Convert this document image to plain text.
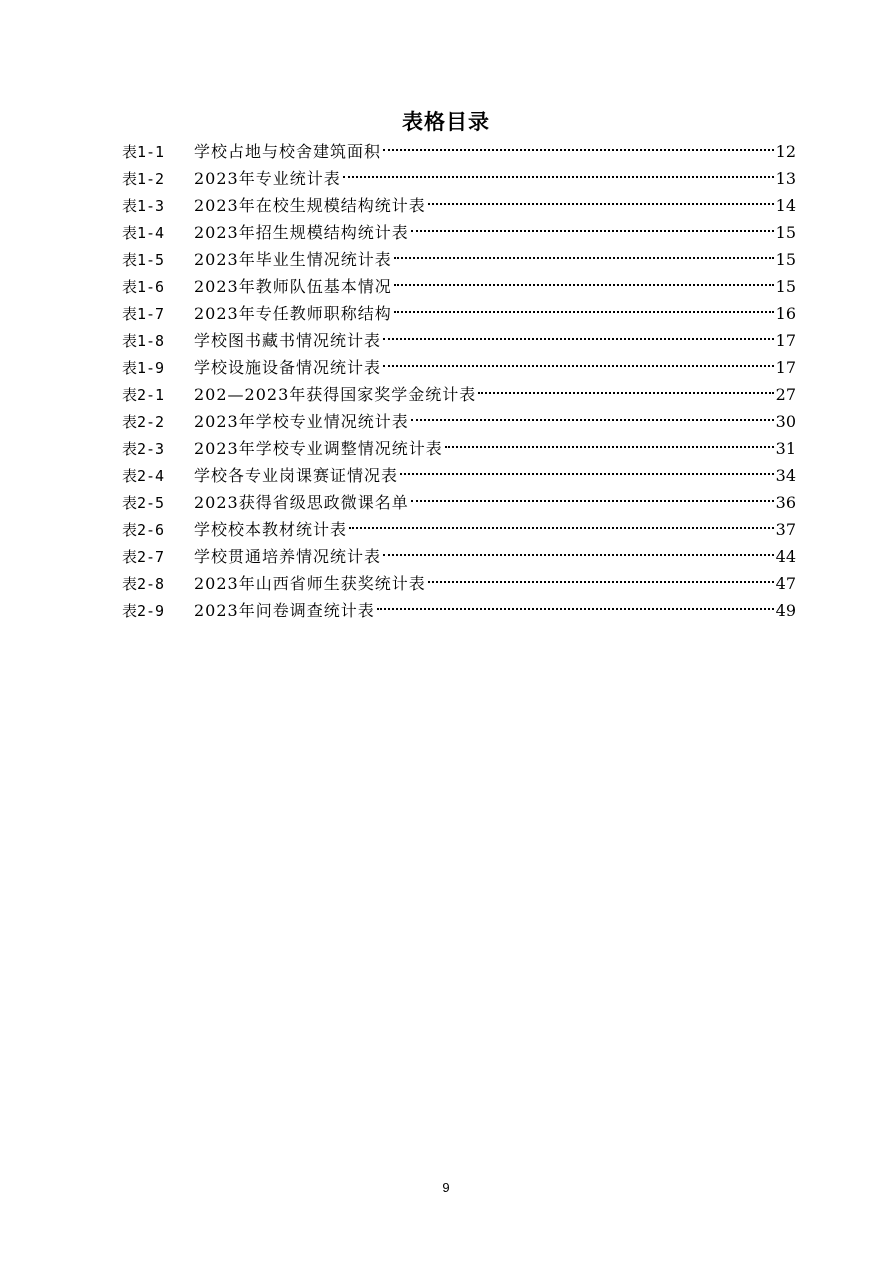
表格目录
表1-1	学校占地与校舍建筑面积	12
表1-2	2023年专业统计表	13
表1-3	2023年在校生规模结构统计表	14
表1-4	2023年招生规模结构统计表	15
表1-5	2023年毕业生情况统计表	15
表1-6	2023年教师队伍基本情况	15
表1-7	2023年专任教师职称结构	16
表1-8	学校图书藏书情况统计表	17
表1-9	学校设施设备情况统计表	17
表2-1	202—2023年获得国家奖学金统计表	27
表2-2	2023年学校专业情况统计表	30
表2-3	2023年学校专业调整情况统计表	31
表2-4	学校各专业岗课赛证情况表	34
表2-5	2023获得省级思政微课名单	36
表2-6	学校校本教材统计表	37
表2-7	学校贯通培养情况统计表	44
表2-8	2023年山西省师生获奖统计表	47
表2-9	2023年问卷调查统计表	49
9
